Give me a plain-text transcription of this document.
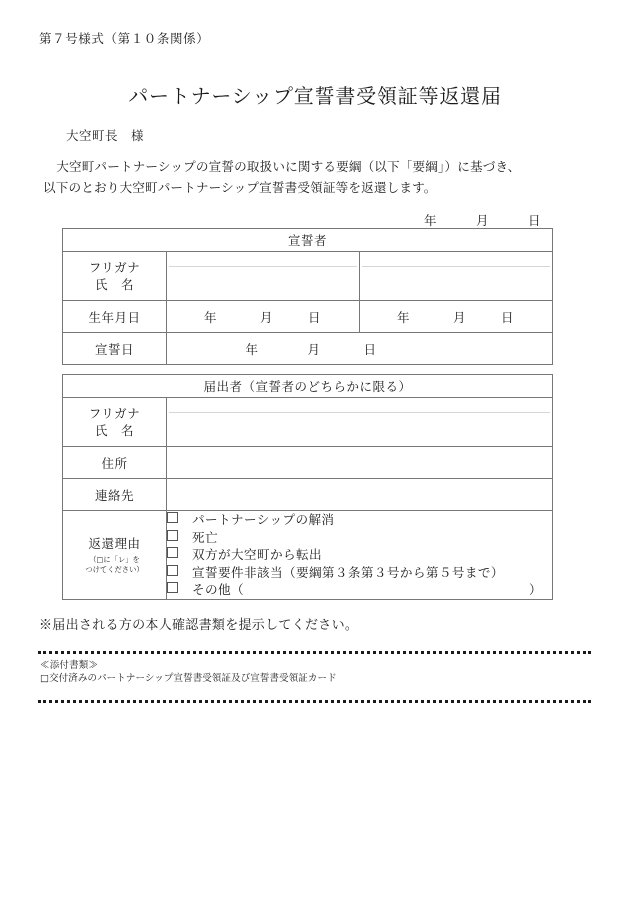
第７号様式（第１０条関係）
パートナーシップ宣誓書受領証等返還届
大空町長　様
大空町パートナーシップの宣誓の取扱いに関する要綱（以下「要綱」）に基づき、
以下のとおり大空町パートナーシップ宣誓書受領証等を返還します。
年	月	日
宣誓者		

フリガナ
氏　名		

生年月日	年 月 日	年 月 日

宣誓日	年 月 日	
届出者（宣誓者のどちらかに限る）	

フリガナ
氏　名	

住所	
連絡先	

返還理由
（□に「レ」を
つけてください）

パートナーシップの解消
死亡
双方が大空町から転出
宣誓要件非該当（要綱第３条第３号から第５号まで）
その他（	）
※届出される方の本人確認書類を提示してください。
≪添付書類≫
□交付済みのパートナーシップ宣誓書受領証及び宣誓書受領証カード
